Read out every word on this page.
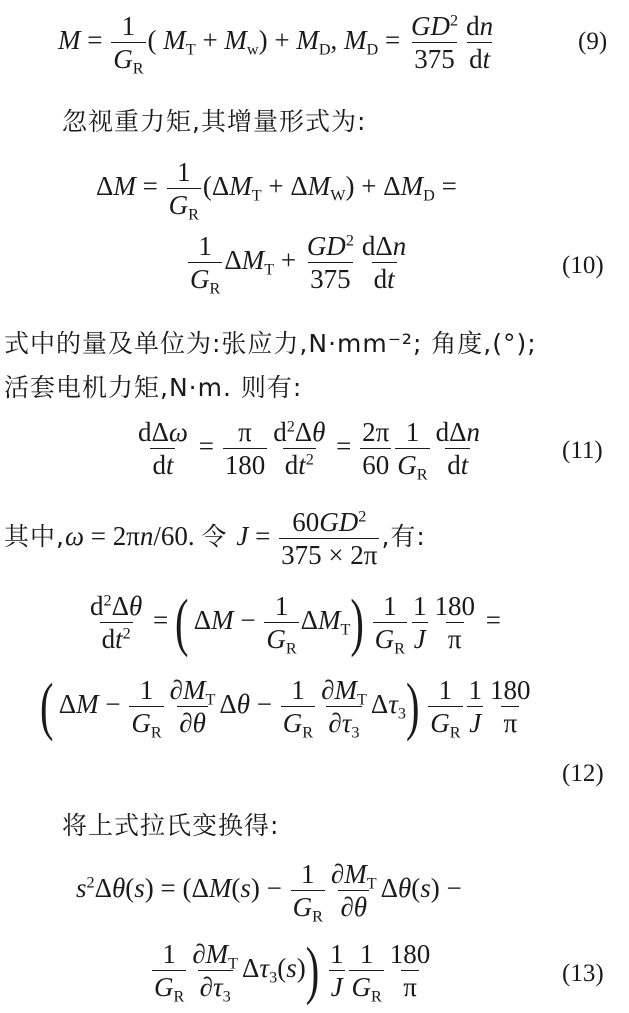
$M = \frac{1}{G_R}$ ( $M_T + M_w) + M_D$, $M_D = \frac{GD^2}{375} \frac{dn}{dt}$	(9)
忽视重力矩,其增量形式为:
$\Delta M = \frac{1}{G_R} (\Delta M_T + \Delta M_W) + \Delta M_D$ =
$\frac{1}{G_R} \Delta M_T + \frac{GD^2}{375} \frac{\text{dΔn}}{dt}$	(10)
式中的量及单位为:张应力,N·mm⁻²; 角度,(°);
活套电机力矩,N·m. 则有:
$\frac{\text{dΔω}}{dt} = \frac{\pi}{180} \frac{d^2\Delta\theta}{dt^2} = \frac{2\pi}{60} \frac{1}{G_R} \frac{\text{dΔn}}{dt}$	(11)
其中,ω = 2πn/60. 令 $J = \frac{60GD^2}{375 \times 2\pi}$ ,有:
$\frac{d^2\Delta\theta}{dt^2}$ = ( $\Delta M - \frac{1}{G_R} \Delta M_T) \frac{1}{G_R} \frac{1}{J} \frac{180}{\pi}$ =
( $\Delta M - \frac{1}{G_R} \frac{\partial M_T}{\partial\theta}$ $\Delta\theta - \frac{1}{G_R} \frac{\partial M_T}{\partial\tau_3} \Delta\tau_3) \frac{1}{G_R} \frac{1}{J} \frac{180}{\pi}$
(12)
将上式拉氏变换得:
$s^2\Delta\theta(s) = (\Delta M(s) - \frac{1}{G_R} \frac{\partial M_T}{\partial\theta} \Delta\theta(s)$ −
$\frac{1}{G_R} \frac{\partial M_T}{\partial\tau_3} \Delta\tau_3(s)) \frac{1}{J} \frac{1}{G_R} \frac{180}{\pi}$	(13)
